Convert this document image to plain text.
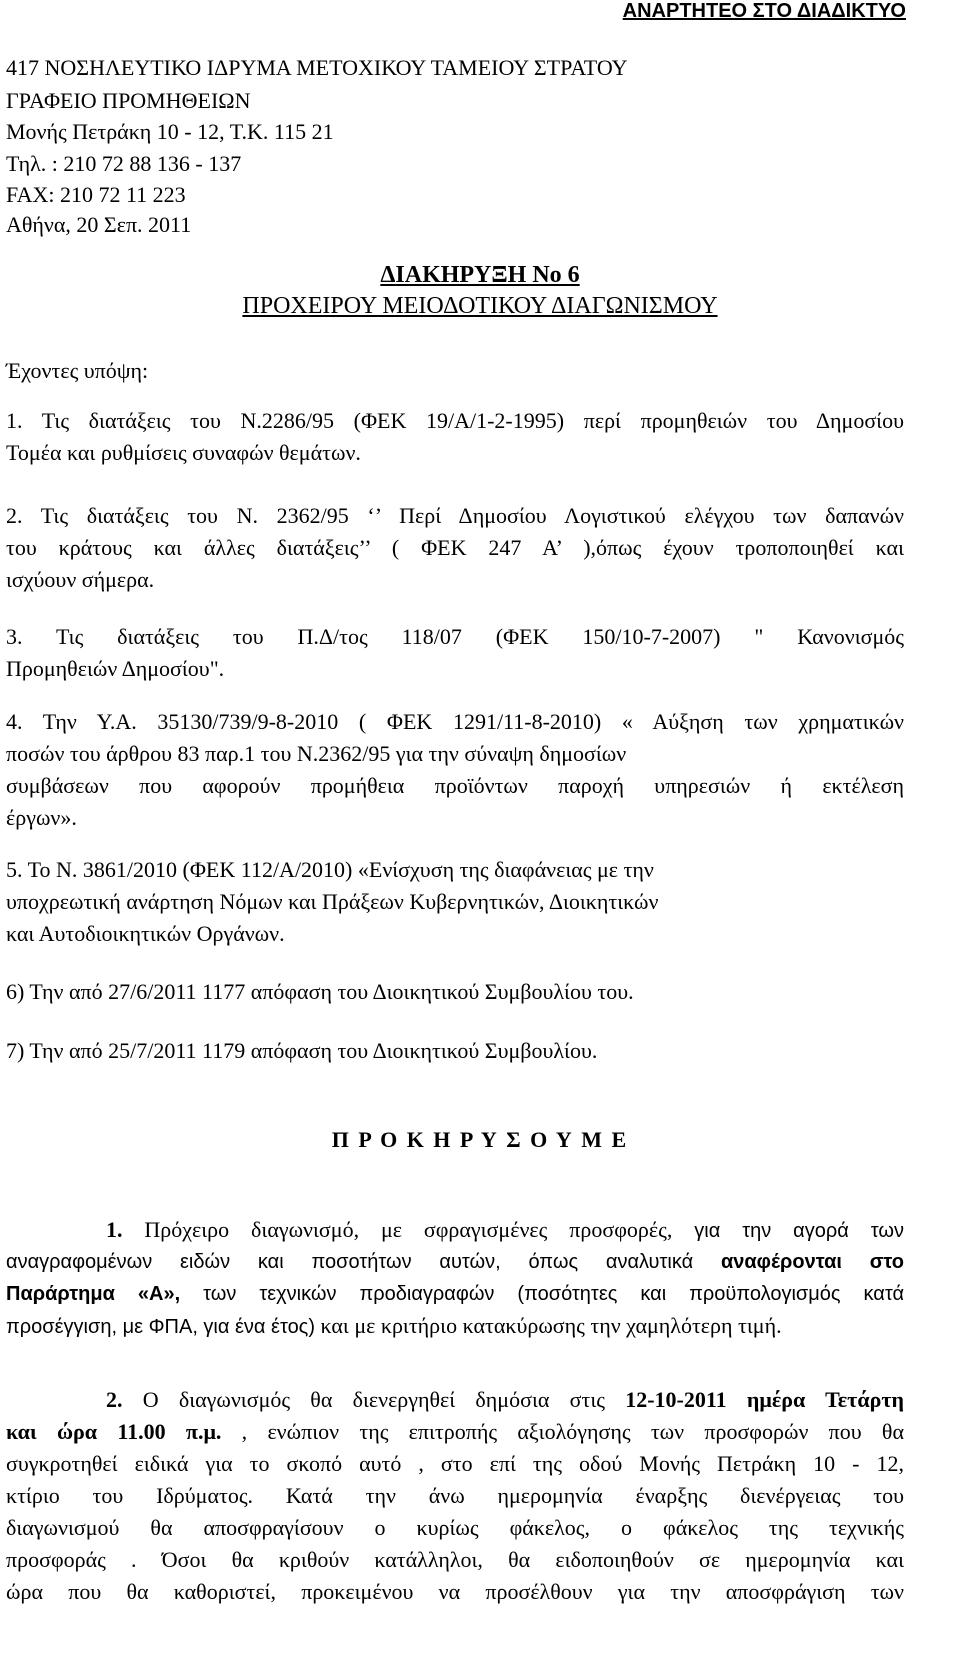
ΑΝΑΡΤΗΤΕΟ ΣΤΟ ΔΙΑΔΙΚΤΥΟ
417 ΝΟΣΗΛΕΥΤΙΚΟ ΙΔΡΥΜΑ ΜΕΤΟΧΙΚΟΥ ΤΑΜΕΙΟΥ ΣΤΡΑΤΟΥ
ΓΡΑΦΕΙΟ ΠΡΟΜΗΘΕΙΩΝ
Μονής Πετράκη 10 - 12, Τ.Κ. 115 21
Τηλ. : 210 72 88 136 - 137
FAX: 210 72 11 223
Αθήνα, 20 Σεπ. 2011
ΔΙΑΚΗΡΥΞΗ No 6
ΠΡΟΧΕΙΡΟΥ ΜΕΙΟΔΟΤΙΚΟΥ ΔΙΑΓΩΝΙΣΜΟΥ
Έχοντες υπόψη:
1. Τις διατάξεις του Ν.2286/95 (ΦΕΚ 19/Α/1-2-1995) περί προμηθειών του Δημοσίου
Τομέα και ρυθμίσεις συναφών θεμάτων.
2. Τις διατάξεις του Ν. 2362/95 ‘’ Περί Δημοσίου Λογιστικού ελέγχου των δαπανών
του κράτους και άλλες διατάξεις’’ ( ΦΕΚ 247 Α’ ),όπως έχουν τροποποιηθεί και
ισχύουν σήμερα.
3. Τις διατάξεις του Π.Δ/τος 118/07 (ΦΕΚ 150/10-7-2007) " Κανονισμός
Προμηθειών Δημοσίου".
4. Την Υ.Α. 35130/739/9-8-2010 ( ΦΕΚ 1291/11-8-2010) « Αύξηση των χρηματικών
ποσών του άρθρου 83 παρ.1 του Ν.2362/95 για την σύναψη δημοσίων
συμβάσεων που αφορούν προμήθεια προϊόντων παροχή υπηρεσιών ή εκτέλεση
έργων».
5. Το Ν. 3861/2010 (ΦΕΚ 112/Α/2010) «Ενίσχυση της διαφάνειας με την
υποχρεωτική ανάρτηση Νόμων και Πράξεων Κυβερνητικών, Διοικητικών
και Αυτοδιοικητικών Οργάνων.
6) Την από 27/6/2011 1177 απόφαση του Διοικητικού Συμβουλίου του.
7) Την από 25/7/2011 1179 απόφαση του Διοικητικού Συμβουλίου.
Π Ρ Ο Κ Η Ρ Υ Σ Ο Υ Μ Ε
1. Πρόχειρο διαγωνισμό, με σφραγισμένες προσφορές, για την αγορά των
αναγραφομένων ειδών και ποσοτήτων αυτών, όπως αναλυτικά αναφέρονται στο
Παράρτημα «Α», των τεχνικών προδιαγραφών (ποσότητες και προϋπολογισμός κατά
προσέγγιση, με ΦΠΑ, για ένα έτος) και με κριτήριο κατακύρωσης την χαμηλότερη τιμή.
2. Ο διαγωνισμός θα διενεργηθεί δημόσια στις 12-10-2011 ημέρα Τετάρτη
και ώρα 11.00 π.μ. , ενώπιον της επιτροπής αξιολόγησης των προσφορών που θα
συγκροτηθεί ειδικά για το σκοπό αυτό , στο επί της οδού Μονής Πετράκη 10 - 12,
κτίριο του Ιδρύματος. Κατά την άνω ημερομηνία έναρξης διενέργειας του
διαγωνισμού θα αποσφραγίσουν ο κυρίως φάκελος, ο φάκελος της τεχνικής
προσφοράς . Όσοι θα κριθούν κατάλληλοι, θα ειδοποιηθούν σε ημερομηνία και
ώρα που θα καθοριστεί, προκειμένου να προσέλθουν για την αποσφράγιση των
